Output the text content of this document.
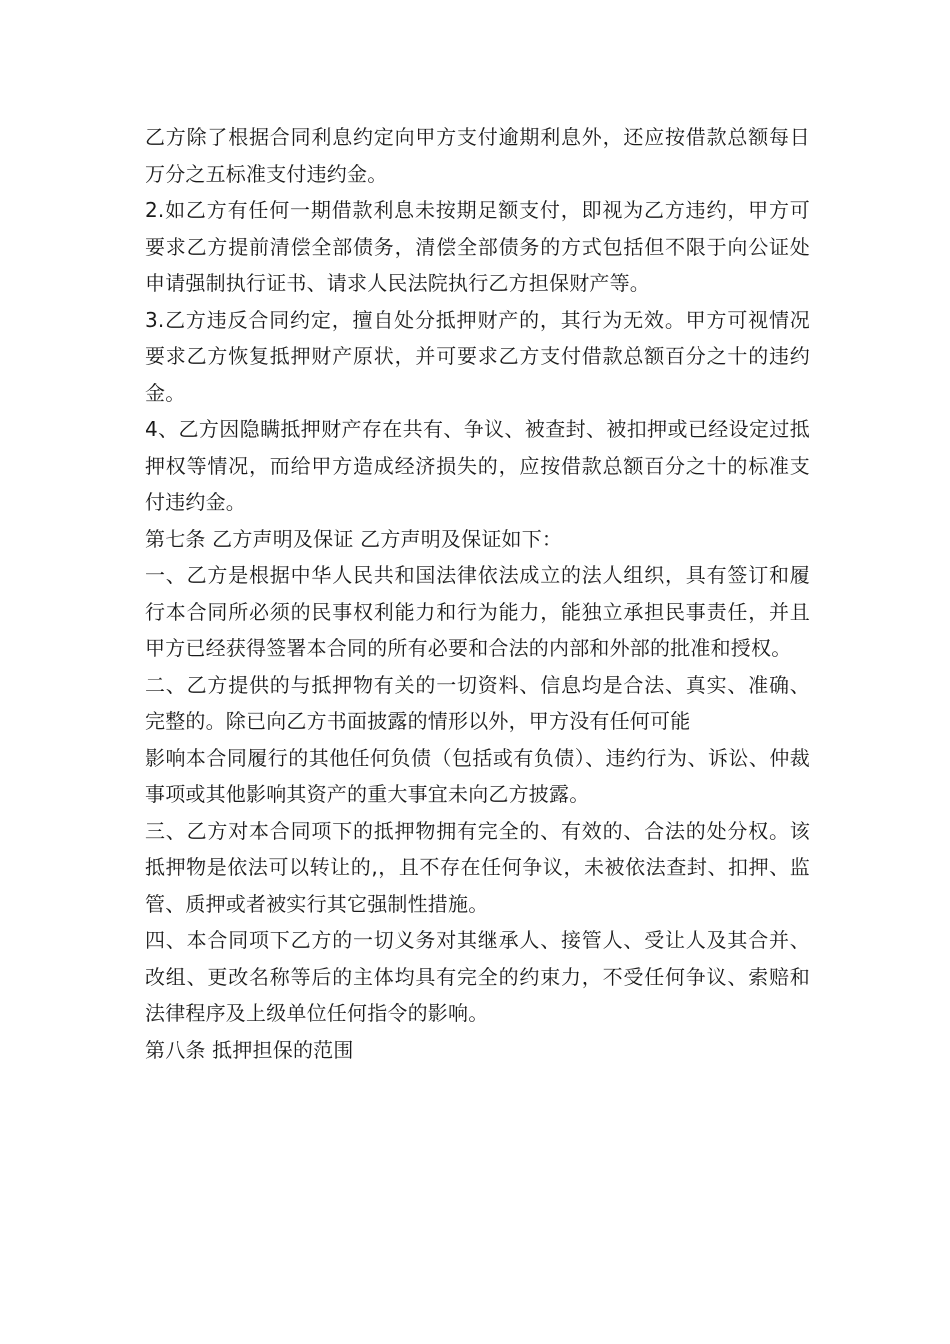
乙方除了根据合同利息约定向甲方支付逾期利息外，还应按借款总额每日万分之五标准支付违约金。

2.如乙方有任何一期借款利息未按期足额支付，即视为乙方违约，甲方可要求乙方提前清偿全部债务，清偿全部债务的方式包括但不限于向公证处申请强制执行证书、请求人民法院执行乙方担保财产等。

3.乙方违反合同约定，擅自处分抵押财产的，其行为无效。甲方可视情况要求乙方恢复抵押财产原状，并可要求乙方支付借款总额百分之十的违约金。

4、乙方因隐瞒抵押财产存在共有、争议、被查封、被扣押或已经设定过抵押权等情况，而给甲方造成经济损失的，应按借款总额百分之十的标准支付违约金。

第七条 乙方声明及保证 乙方声明及保证如下：

一、乙方是根据中华人民共和国法律依法成立的法人组织，具有签订和履行本合同所必须的民事权利能力和行为能力，能独立承担民事责任，并且甲方已经获得签署本合同的所有必要和合法的内部和外部的批准和授权。

二、乙方提供的与抵押物有关的一切资料、信息均是合法、真实、准确、完整的。除已向乙方书面披露的情形以外，甲方没有任何可能

影响本合同履行的其他任何负债（包括或有负债）、违约行为、诉讼、仲裁事项或其他影响其资产的重大事宜未向乙方披露。

三、乙方对本合同项下的抵押物拥有完全的、有效的、合法的处分权。该抵押物是依法可以转让的,，且不存在任何争议，未被依法查封、扣押、监管、质押或者被实行其它强制性措施。

四、本合同项下乙方的一切义务对其继承人、接管人、受让人及其合并、改组、更改名称等后的主体均具有完全的约束力，不受任何争议、索赔和法律程序及上级单位任何指令的影响。

第八条 抵押担保的范围
